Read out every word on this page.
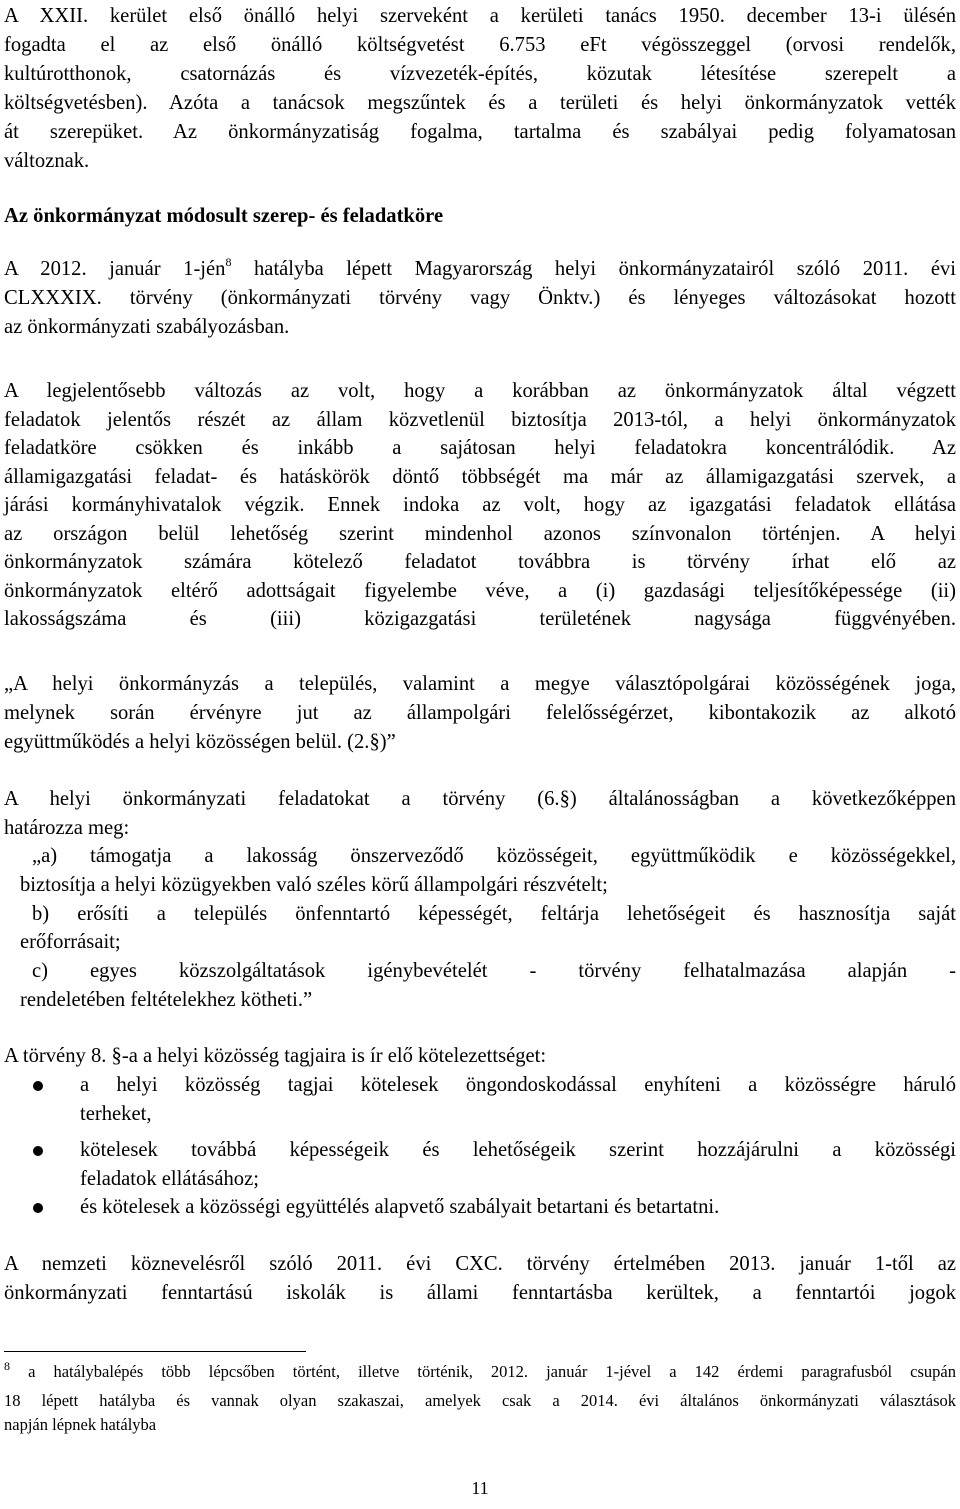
A XXII. kerület első önálló helyi szerveként a kerületi tanács 1950. december 13-i ülésén
fogadta el az első önálló költségvetést 6.753 eFt végösszeggel (orvosi rendelők,
kultúrotthonok, csatornázás és vízvezeték-építés, közutak létesítése szerepelt a
költségvetésben). Azóta a tanácsok megszűntek és a területi és helyi önkormányzatok vették
át szerepüket. Az önkormányzatiság fogalma, tartalma és szabályai pedig folyamatosan
változnak.
Az önkormányzat módosult szerep- és feladatköre
A 2012. január 1-jén$^8$ hatályba lépett Magyarország helyi önkormányzatairól szóló 2011. évi
CLXXXIX. törvény (önkormányzati törvény vagy Önktv.) és lényeges változásokat hozott
az önkormányzati szabályozásban.
A legjelentősebb változás az volt, hogy a korábban az önkormányzatok által végzett
feladatok jelentős részét az állam közvetlenül biztosítja 2013-tól, a helyi önkormányzatok
feladatköre csökken és inkább a sajátosan helyi feladatokra koncentrálódik. Az
államigazgatási feladat- és hatáskörök döntő többségét ma már az államigazgatási szervek, a
járási kormányhivatalok végzik. Ennek indoka az volt, hogy az igazgatási feladatok ellátása
az országon belül lehetőség szerint mindenhol azonos színvonalon történjen. A helyi
önkormányzatok számára kötelező feladatot továbbra is törvény írhat elő az
önkormányzatok eltérő adottságait figyelembe véve, a (i) gazdasági teljesítőképessége (ii)
lakosságszáma és (iii) közigazgatási területének nagysága függvényében.
„A helyi önkormányzás a település, valamint a megye választópolgárai közösségének joga,
melynek során érvényre jut az állampolgári felelősségérzet, kibontakozik az alkotó
együttműködés a helyi közösségen belül. (2.§)”
A helyi önkormányzati feladatokat a törvény (6.§) általánosságban a következőképpen
határozza meg:
„a) támogatja a lakosság önszerveződő közösségeit, együttműködik e közösségekkel,
biztosítja a helyi közügyekben való széles körű állampolgári részvételt;
b) erősíti a település önfenntartó képességét, feltárja lehetőségeit és hasznosítja saját
erőforrásait;
c) egyes közszolgáltatások igénybevételét - törvény felhatalmazása alapján -
rendeletében feltételekhez kötheti.”
A törvény 8. §-a a helyi közösség tagjaira is ír elő kötelezettséget:
a helyi közösség tagjai kötelesek öngondoskodással enyhíteni a közösségre háruló
terheket,
kötelesek továbbá képességeik és lehetőségeik szerint hozzájárulni a közösségi
feladatok ellátásához;
és kötelesek a közösségi együttélés alapvető szabályait betartani és betartatni.
A nemzeti köznevelésről szóló 2011. évi CXC. törvény értelmében 2013. január 1-től az
önkormányzati fenntartású iskolák is állami fenntartásba kerültek, a fenntartói jogok
$^8$ a hatálybalépés több lépcsőben történt, illetve történik, 2012. január 1-jével a 142 érdemi paragrafusból csupán
18 lépett hatályba és vannak olyan szakaszai, amelyek csak a 2014. évi általános önkormányzati választások
napján lépnek hatályba
11
